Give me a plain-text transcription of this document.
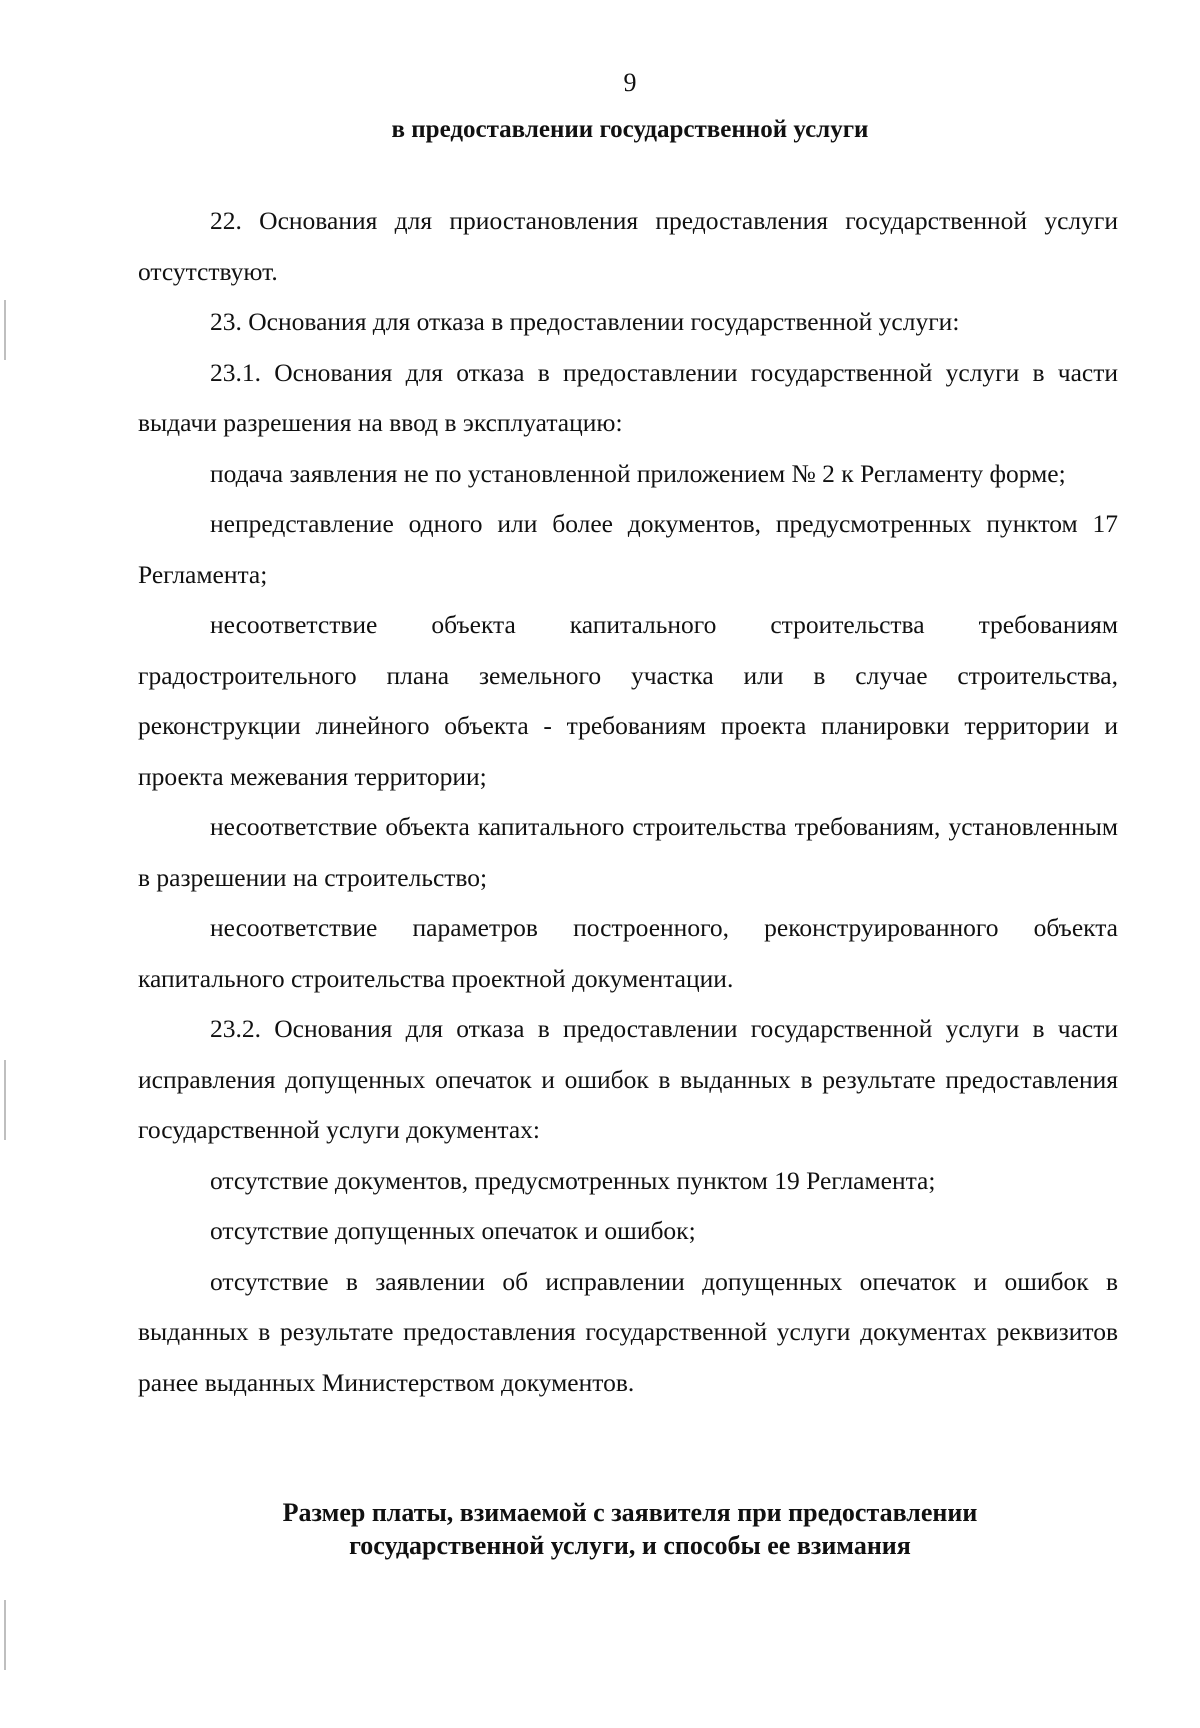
9
в предоставлении государственной услуги

22. Основания для приостановления предоставления государственной услуги отсутствуют.

23. Основания для отказа в предоставлении государственной услуги:

23.1. Основания для отказа в предоставлении государственной услуги в части выдачи разрешения на ввод в эксплуатацию:

подача заявления не по установленной приложением № 2 к Регламенту форме;

непредставление одного или более документов, предусмотренных пунктом 17 Регламента;

несоответствие объекта капитального строительства требованиям градостроительного плана земельного участка или в случае строительства, реконструкции линейного объекта - требованиям проекта планировки территории и проекта межевания территории;

несоответствие объекта капитального строительства требованиям, установленным в разрешении на строительство;

несоответствие параметров построенного, реконструированного объекта капитального строительства проектной документации.

23.2. Основания для отказа в предоставлении государственной услуги в части исправления допущенных опечаток и ошибок в выданных в результате предоставления государственной услуги документах:

отсутствие документов, предусмотренных пунктом 19 Регламента;

отсутствие допущенных опечаток и ошибок;

отсутствие в заявлении об исправлении допущенных опечаток и ошибок в выданных в результате предоставления государственной услуги документах реквизитов ранее выданных Министерством документов.

Размер платы, взимаемой с заявителя при предоставлении
государственной услуги, и способы ее взимания
